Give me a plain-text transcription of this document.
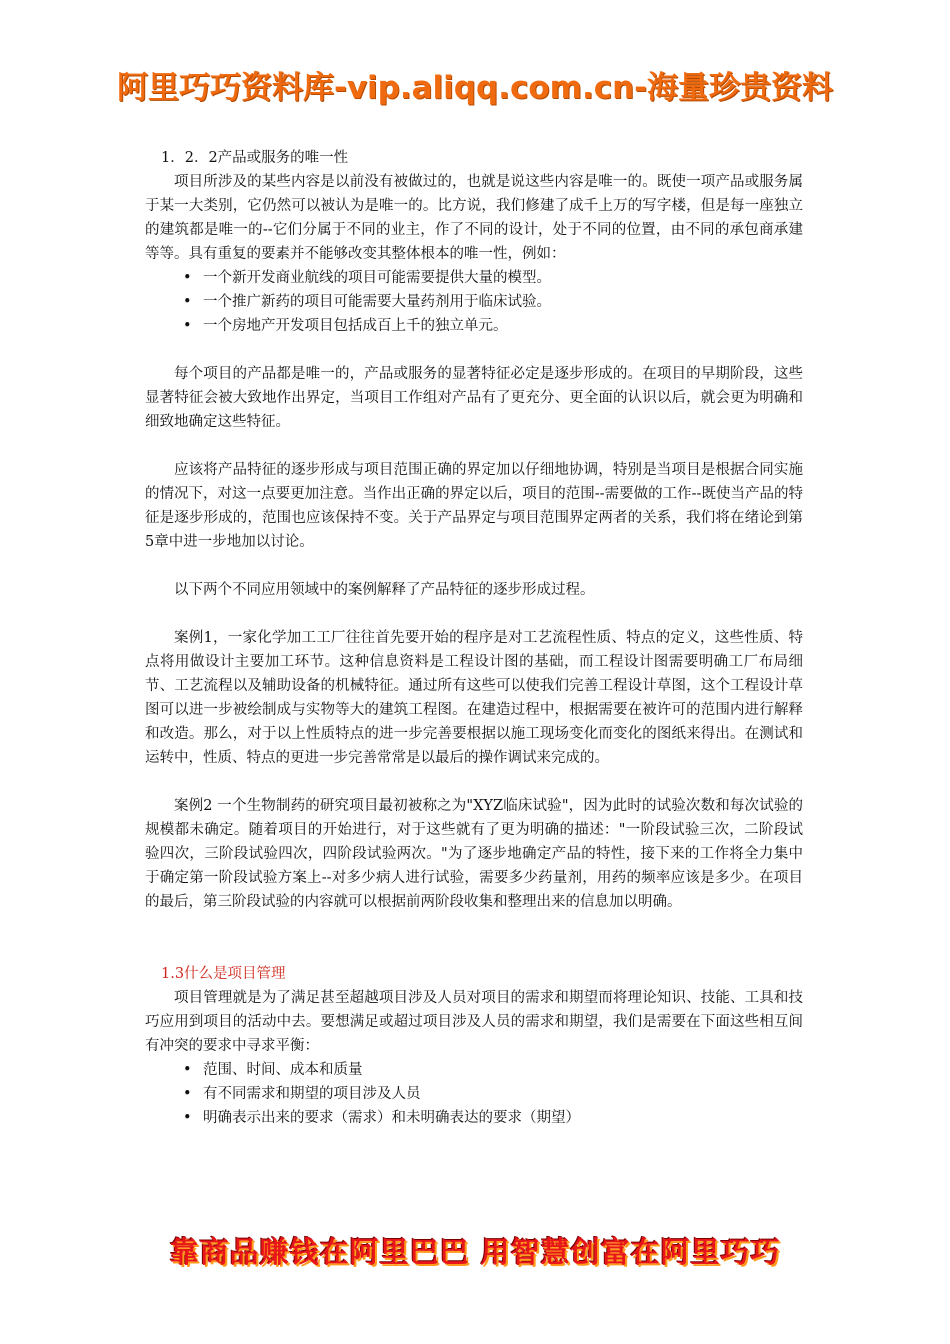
阿里巧巧资料库-vip.aliqq.com.cn-海量珍贵资料
1．2．2产品或服务的唯一性

项目所涉及的某些内容是以前没有被做过的，也就是说这些内容是唯一的。既使一项产品或服务属于某一大类别，它仍然可以被认为是唯一的。比方说，我们修建了成千上万的写字楼，但是每一座独立的建筑都是唯一的--它们分属于不同的业主，作了不同的设计，处于不同的位置，由不同的承包商承建等等。具有重复的要素并不能够改变其整体根本的唯一性，例如：

• 一个新开发商业航线的项目可能需要提供大量的模型。
• 一个推广新药的项目可能需要大量药剂用于临床试验。
• 一个房地产开发项目包括成百上千的独立单元。

每个项目的产品都是唯一的，产品或服务的显著特征必定是逐步形成的。在项目的早期阶段，这些显著特征会被大致地作出界定，当项目工作组对产品有了更充分、更全面的认识以后，就会更为明确和细致地确定这些特征。

应该将产品特征的逐步形成与项目范围正确的界定加以仔细地协调，特别是当项目是根据合同实施的情况下，对这一点要更加注意。当作出正确的界定以后，项目的范围--需要做的工作--既使当产品的特征是逐步形成的，范围也应该保持不变。关于产品界定与项目范围界定两者的关系，我们将在绪论到第5章中进一步地加以讨论。

以下两个不同应用领域中的案例解释了产品特征的逐步形成过程。

案例1，一家化学加工工厂往往首先要开始的程序是对工艺流程性质、特点的定义，这些性质、特点将用做设计主要加工环节。这种信息资料是工程设计图的基础，而工程设计图需要明确工厂布局细节、工艺流程以及辅助设备的机械特征。通过所有这些可以使我们完善工程设计草图，这个工程设计草图可以进一步被绘制成与实物等大的建筑工程图。在建造过程中，根据需要在被许可的范围内进行解释和改造。那么，对于以上性质特点的进一步完善要根据以施工现场变化而变化的图纸来得出。在测试和运转中，性质、特点的更进一步完善常常是以最后的操作调试来完成的。

案例2 一个生物制药的研究项目最初被称之为"XYZ临床试验"，因为此时的试验次数和每次试验的规模都未确定。随着项目的开始进行，对于这些就有了更为明确的描述："一阶段试验三次，二阶段试验四次，三阶段试验四次，四阶段试验两次。"为了逐步地确定产品的特性，接下来的工作将全力集中于确定第一阶段试验方案上--对多少病人进行试验，需要多少药量剂，用药的频率应该是多少。在项目的最后，第三阶段试验的内容就可以根据前两阶段收集和整理出来的信息加以明确。

1.3什么是项目管理

项目管理就是为了满足甚至超越项目涉及人员对项目的需求和期望而将理论知识、技能、工具和技巧应用到项目的活动中去。要想满足或超过项目涉及人员的需求和期望，我们是需要在下面这些相互间有冲突的要求中寻求平衡：

• 范围、时间、成本和质量
• 有不同需求和期望的项目涉及人员
• 明确表示出来的要求（需求）和未明确表达的要求（期望）
靠商品赚钱在阿里巴巴 用智慧创富在阿里巧巧
